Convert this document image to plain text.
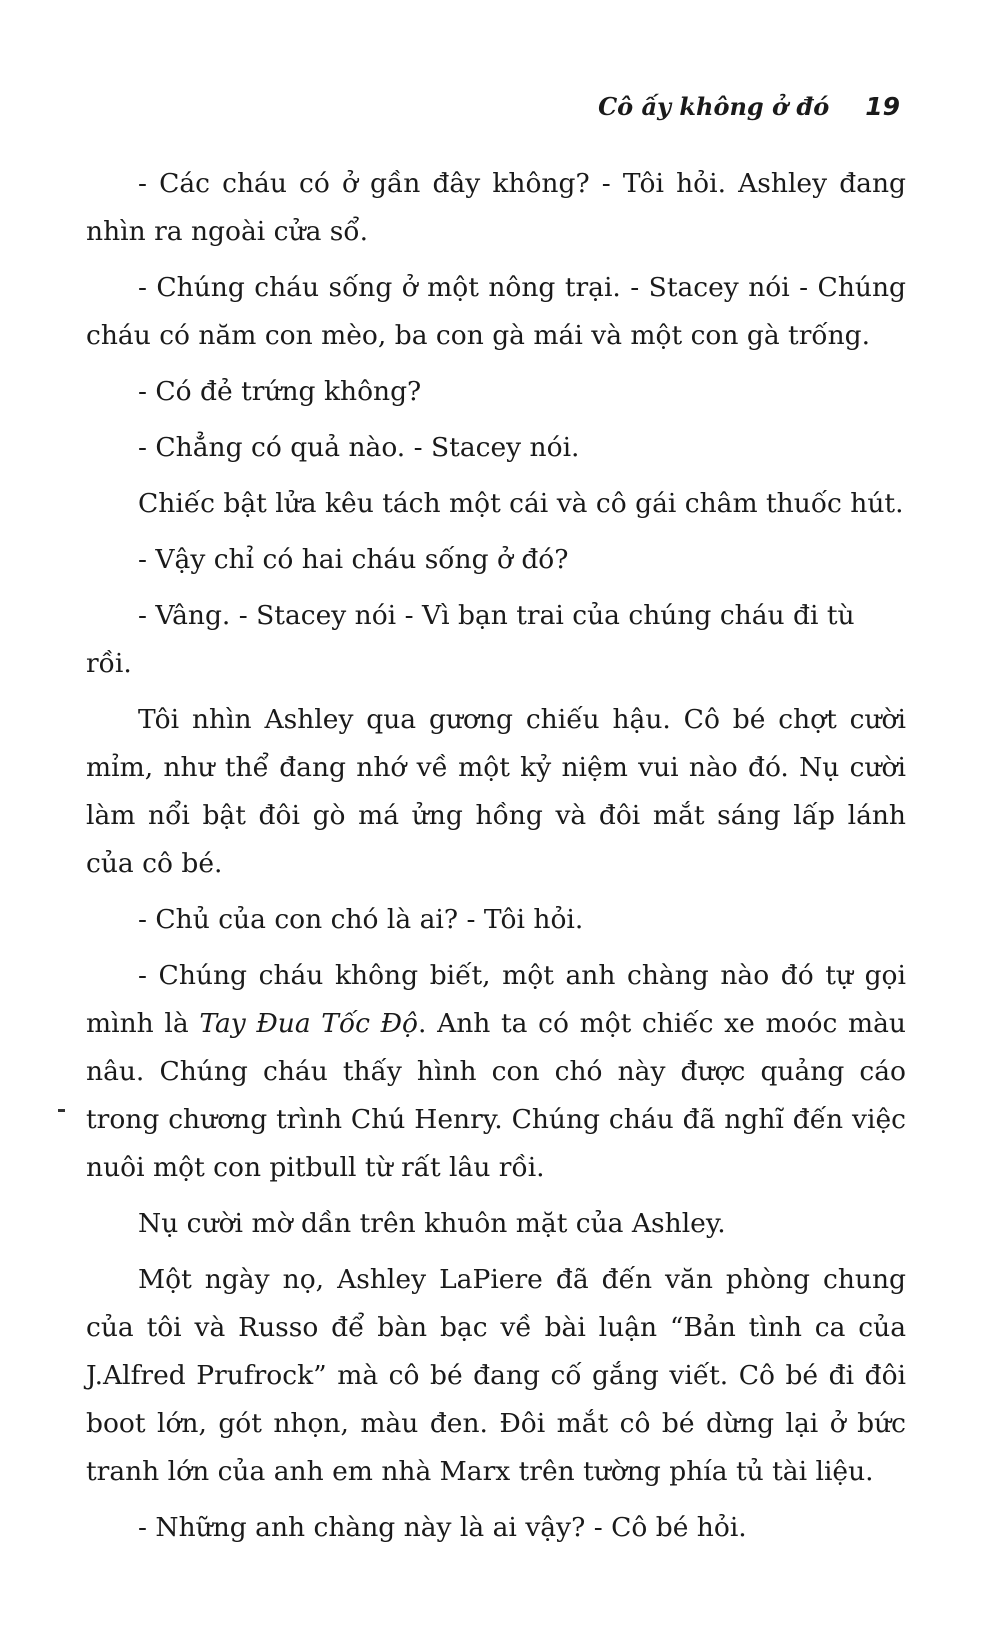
Cô ấy không ở đó 19

- Các cháu có ở gần đây không? - Tôi hỏi. Ashley đang nhìn ra ngoài cửa sổ.

- Chúng cháu sống ở một nông trại. - Stacey nói - Chúng cháu có năm con mèo, ba con gà mái và một con gà trống.

- Có đẻ trứng không?

- Chẳng có quả nào. - Stacey nói.

Chiếc bật lửa kêu tách một cái và cô gái châm thuốc hút.

- Vậy chỉ có hai cháu sống ở đó?

- Vâng. - Stacey nói - Vì bạn trai của chúng cháu đi tù rồi.

Tôi nhìn Ashley qua gương chiếu hậu. Cô bé chợt cười mỉm, như thể đang nhớ về một kỷ niệm vui nào đó. Nụ cười làm nổi bật đôi gò má ửng hồng và đôi mắt sáng lấp lánh của cô bé.

- Chủ của con chó là ai? - Tôi hỏi.

- Chúng cháu không biết, một anh chàng nào đó tự gọi mình là Tay Đua Tốc Độ. Anh ta có một chiếc xe moóc màu nâu. Chúng cháu thấy hình con chó này được quảng cáo trong chương trình Chú Henry. Chúng cháu đã nghĩ đến việc nuôi một con pitbull từ rất lâu rồi.

Nụ cười mờ dần trên khuôn mặt của Ashley.

Một ngày nọ, Ashley LaPiere đã đến văn phòng chung của tôi và Russo để bàn bạc về bài luận “Bản tình ca của J.Alfred Prufrock” mà cô bé đang cố gắng viết. Cô bé đi đôi boot lớn, gót nhọn, màu đen. Đôi mắt cô bé dừng lại ở bức tranh lớn của anh em nhà Marx trên tường phía tủ tài liệu.

- Những anh chàng này là ai vậy? - Cô bé hỏi.
